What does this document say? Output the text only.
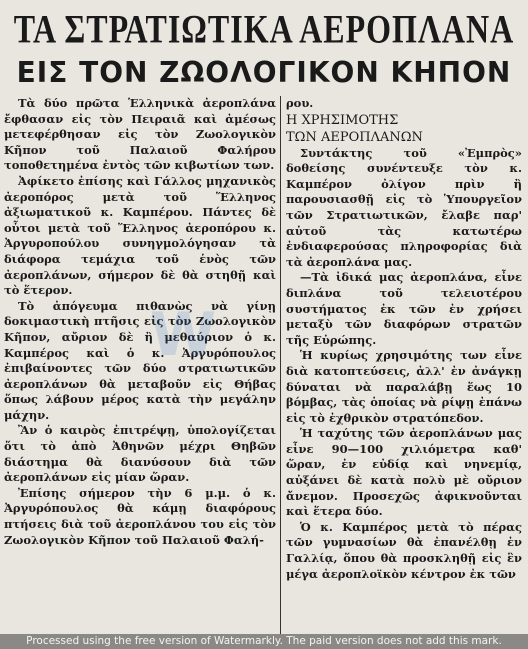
ΤΑ ΣΤΡΑΤΙΩΤΙΚΑ ΑΕΡΟΠΛΑΝΑ
ΕΙΣ ΤΟΝ ΖΩΟΛΟΓΙΚΟΝ ΚΗΠΟΝ

Τὰ δύο πρῶτα Ἑλληνικὰ ἀεροπλάνα ἔφθασαν εἰς τὸν Πειραιᾶ καὶ ἀμέσως μετεφέρθησαν εἰς τὸν Ζωολογικὸν Κῆπον τοῦ Παλαιοῦ Φαλήρου τοποθετημένα ἐντὸς τῶν κιβωτίων των.

Ἀφίκετο ἐπίσης καὶ Γάλλος μηχανικὸς ἀεροπόρος μετὰ τοῦ Ἕλληνος ἀξιωματικοῦ κ. Καμπέρου. Πάντες δὲ οὗτοι μετὰ τοῦ Ἕλληνος ἀεροπόρου κ. Ἀργυροπούλου συνηγμολόγησαν τὰ διάφορα τεμάχια τοῦ ἑνὸς τῶν ἀεροπλάνων, σήμερον δὲ θὰ στηθῇ καὶ τὸ ἕτερον.

Τὸ ἀπόγευμα πιθανὼς νὰ γίνῃ δοκιμαστικὴ πτῆσις εἰς τὸν Ζωολογικὸν Κῆπον, αὔριον δὲ ἢ μεθαύριον ὁ κ. Καμπέρος καὶ ὁ κ. Ἀργυρόπουλος ἐπιβαίνοντες τῶν δύο στρατιωτικῶν ἀεροπλάνων θὰ μεταβοῦν εἰς Θήβας ὅπως λάβουν μέρος κατὰ τὴν μεγάλην μάχην.

Ἂν ὁ καιρὸς ἐπιτρέψῃ, ὑπολογίζεται ὅτι τὸ ἀπὸ Ἀθηνῶν μέχρι Θηβῶν διάστημα θὰ διανύσουν διὰ τῶν ἀεροπλάνων εἰς μίαν ὥραν.

Ἐπίσης σήμερον τὴν 6 μ.μ. ὁ κ. Ἀργυρόπουλος θὰ κάμῃ διαφόρους πτήσεις διὰ τοῦ ἀεροπλάνου του εἰς τὸν Ζωολογικὸν Κῆπον τοῦ Παλαιοῦ Φαλή-

ρου.

Η ΧΡΗΣΙΜΟΤΗΣ

ΤΩΝ ΑΕΡΟΠΛΑΝΩΝ

Συντάκτης τοῦ «Ἐμπρὸς» δοθείσης συνέντευξε τὸν κ. Καμπέρον ὀλίγον πρὶν ἢ παρουσιασθῇ εἰς τὸ Ὑπουργεῖον τῶν Στρατιωτικῶν, ἔλαβε παρ' αὐτοῦ τὰς κατωτέρω ἐνδιαφερούσας πληροφορίας διὰ τὰ ἀεροπλάνα μας.

—Τὰ ἰδικά μας ἀεροπλάνα, εἶνε διπλάνα τοῦ τελειοτέρου συστήματος ἐκ τῶν ἐν χρήσει μεταξὺ τῶν διαφόρων στρατῶν τῆς Εὐρώπης.

Ἡ κυρίως χρησιμότης των εἶνε διὰ κατοπτεύσεις, ἀλλ' ἐν ἀνάγκῃ δύναται νὰ παραλάβῃ ἕως 10 βόμβας, τὰς ὁποίας νὰ ρίψῃ ἐπάνω εἰς τὸ ἐχθρικὸν στρατόπεδον.

Ἡ ταχύτης τῶν ἀεροπλάνων μας εἶνε 90—100 χιλιόμετρα καθ' ὥραν, ἐν εὐδίᾳ καὶ νηνεμίᾳ, αὐξάνει δὲ κατὰ πολὺ μὲ οὔριον ἄνεμον. Προσεχῶς ἀφικνοῦνται καὶ ἕτερα δύο.

Ὁ κ. Καμπέρος μετὰ τὸ πέρας τῶν γυμνασίων θὰ ἐπανέλθῃ ἐν Γαλλίᾳ, ὅπου θὰ προσκληθῇ εἰς ἓν μέγα ἀεροπλοϊκὸν κέντρον ἐκ τῶν

W
Processed using the free version of Watermarkly. The paid version does not add this mark.
